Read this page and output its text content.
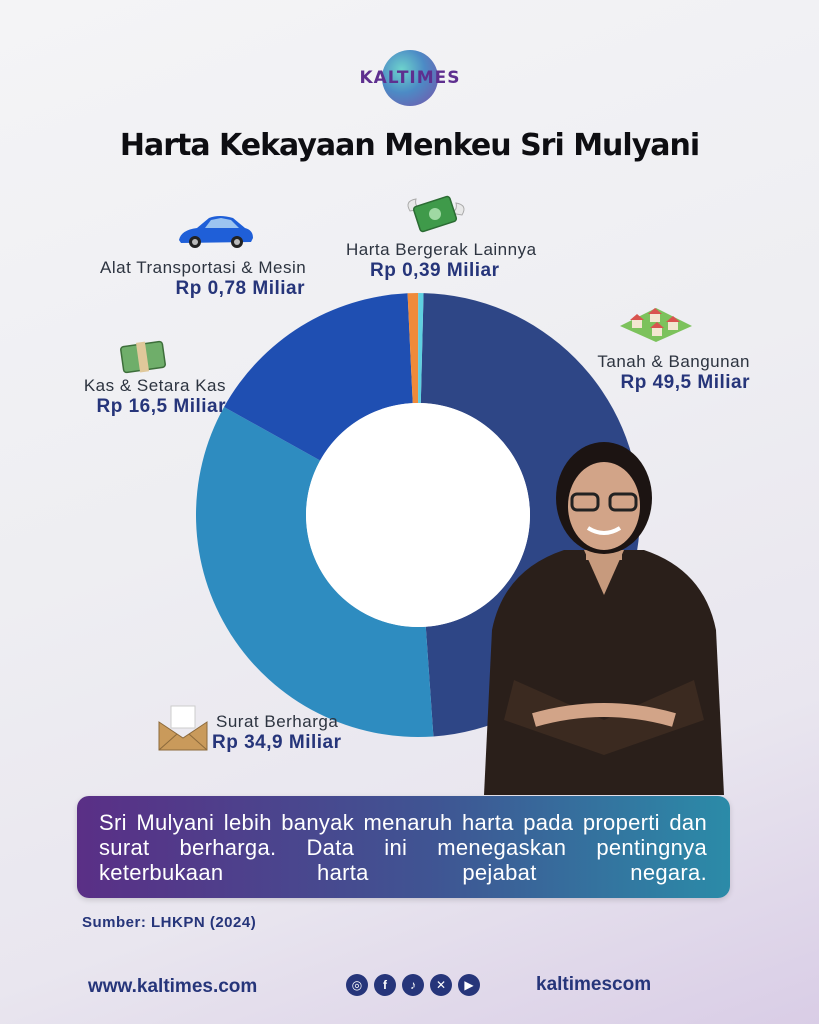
KALTIMES
Harta Kekayaan Menkeu Sri Mulyani
Harta Bergerak Lainnya
Rp 0,39 Miliar
Alat Transportasi & Mesin
Rp 0,78 Miliar
Kas & Setara Kas
Rp 16,5 Miliar
Tanah & Bangunan
Rp 49,5 Miliar
Surat Berharga
Rp 34,9 Miliar
Sri Mulyani lebih banyak menaruh harta pada properti dan surat berharga. Data ini menegaskan pentingnya keterbukaan harta pejabat negara.
Sumber: LHKPN (2024)
www.kaltimes.com	◎	f	♪	✕	▶	kaltimescom
